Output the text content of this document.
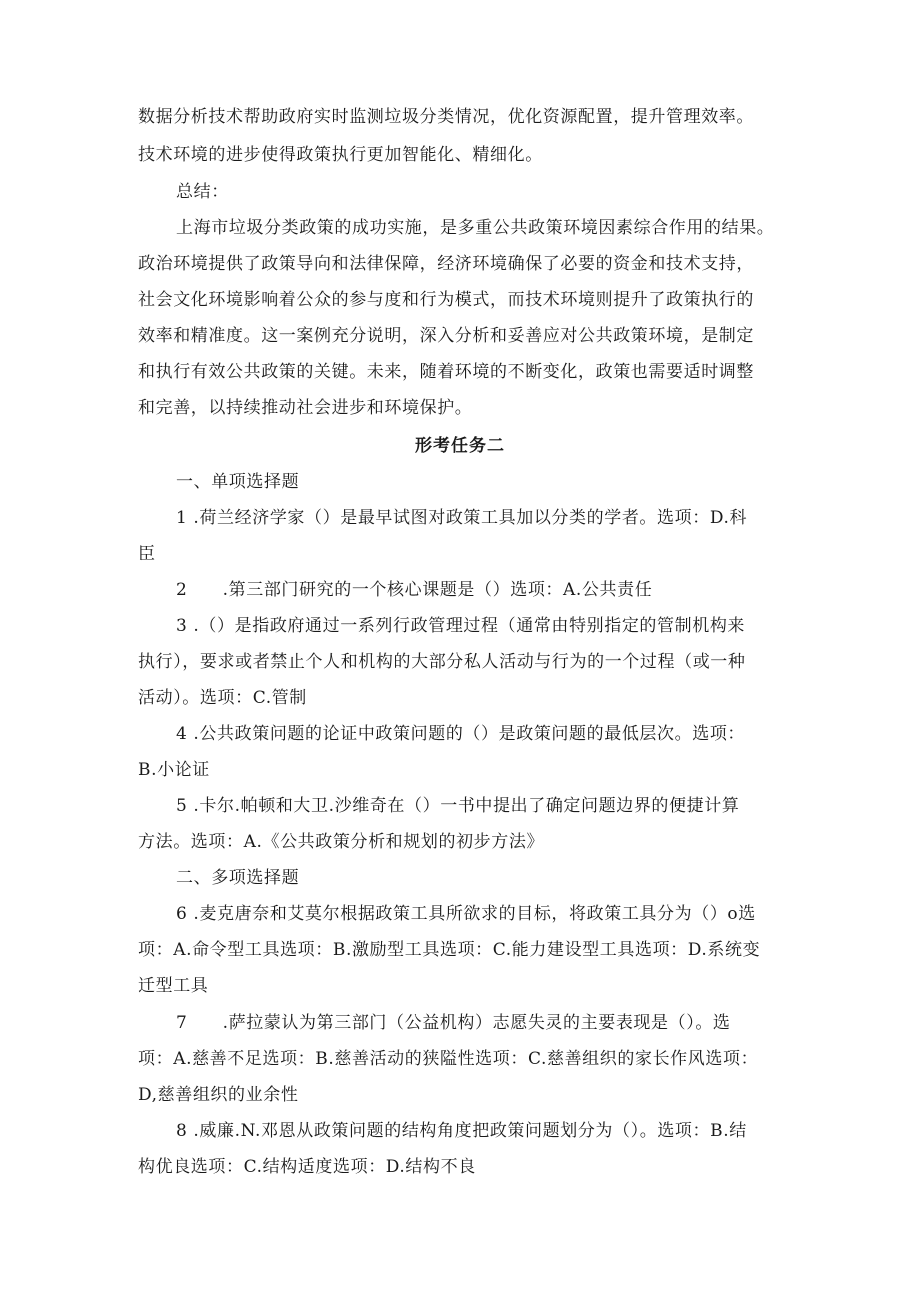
数据分析技术帮助政府实时监测垃圾分类情况，优化资源配置，提升管理效率。
技术环境的进步使得政策执行更加智能化、精细化。
总结：
上海市垃圾分类政策的成功实施，是多重公共政策环境因素综合作用的结果。
政治环境提供了政策导向和法律保障，经济环境确保了必要的资金和技术支持，
社会文化环境影响着公众的参与度和行为模式，而技术环境则提升了政策执行的
效率和精准度。这一案例充分说明，深入分析和妥善应对公共政策环境，是制定
和执行有效公共政策的关键。未来，随着环境的不断变化，政策也需要适时调整
和完善，以持续推动社会进步和环境保护。
形考任务二
一、单项选择题
1 .荷兰经济学家（）是最早试图对政策工具加以分类的学者。选项：D.科
臣
2　　.第三部门研究的一个核心课题是（）选项：A.公共责任
3 .（）是指政府通过一系列行政管理过程（通常由特别指定的管制机构来
执行），要求或者禁止个人和机构的大部分私人活动与行为的一个过程（或一种
活动）。选项：C.管制
4 .公共政策问题的论证中政策问题的（）是政策问题的最低层次。选项：
B.小论证
5 .卡尔.帕顿和大卫.沙维奇在（）一书中提出了确定问题边界的便捷计算
方法。选项：A.《公共政策分析和规划的初步方法》
二、多项选择题
6 .麦克唐奈和艾莫尔根据政策工具所欲求的目标，将政策工具分为（）o选
项：A.命令型工具选项：B.激励型工具选项：C.能力建设型工具选项：D.系统变
迁型工具
7　　.萨拉蒙认为第三部门（公益机构）志愿失灵的主要表现是（）。选
项：A.慈善不足选项：B.慈善活动的狭隘性选项：C.慈善组织的家长作风选项：
D,慈善组织的业余性
8 .威廉.N.邓恩从政策问题的结构角度把政策问题划分为（）。选项：B.结
构优良选项：C.结构适度选项：D.结构不良
